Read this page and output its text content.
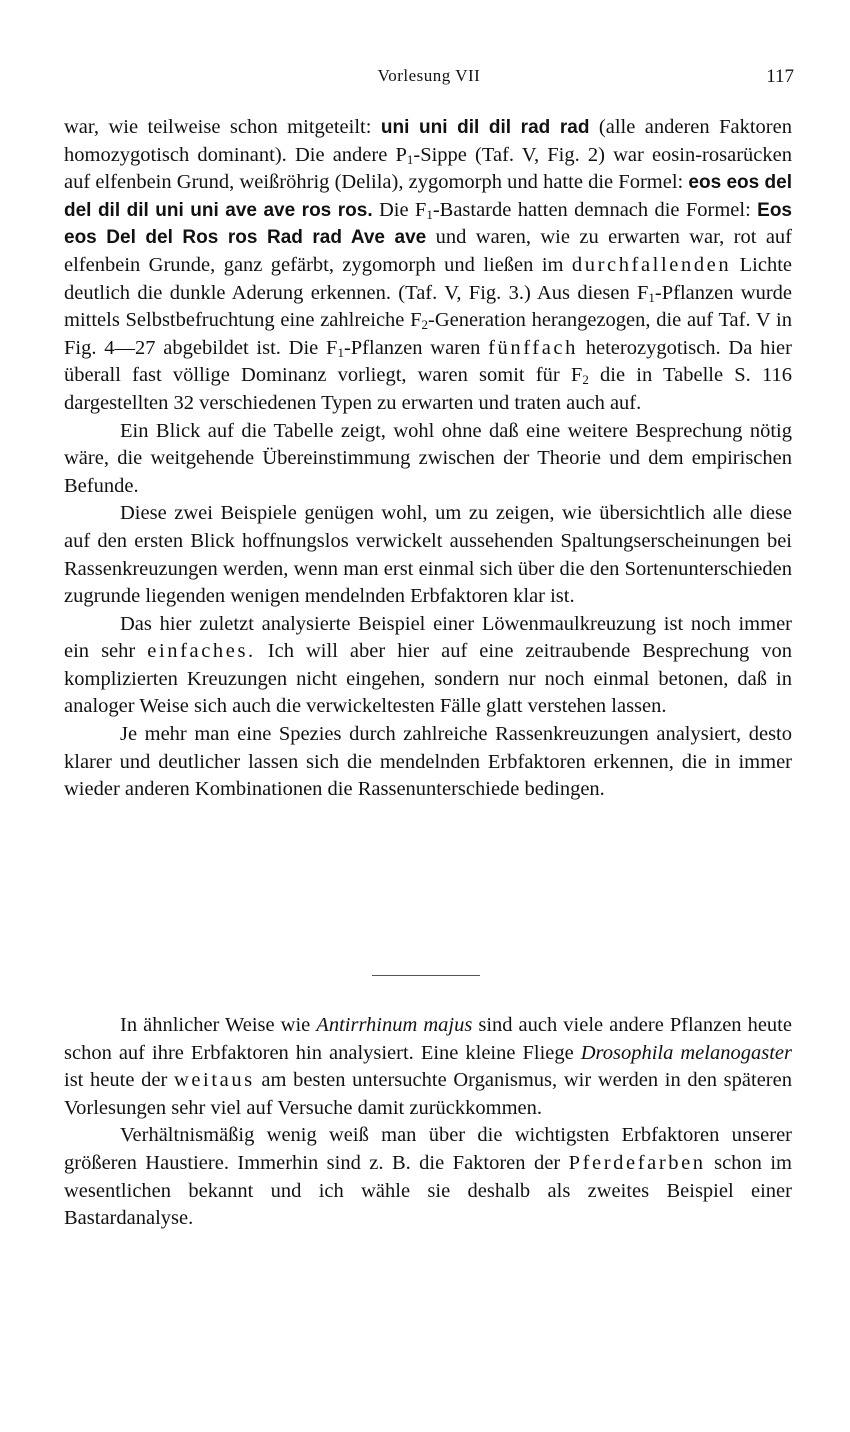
Vorlesung VII	117

war, wie teilweise schon mitgeteilt: uni uni dil dil rad rad (alle anderen Faktoren homozygotisch dominant). Die andere $P_1$-Sippe (Taf. V, Fig. 2) war eosin-rosarücken auf elfenbein Grund, weißröhrig (Delila), zygomorph und hatte die Formel: eos eos del del dil dil uni uni ave ave ros ros. Die $F_1$-Bastarde hatten demnach die Formel: Eos eos Del del Ros ros Rad rad Ave ave und waren, wie zu erwarten war, rot auf elfenbein Grunde, ganz gefärbt, zygomorph und ließen im durchfallenden Lichte deutlich die dunkle Aderung erkennen. (Taf. V, Fig. 3.) Aus diesen $F_1$-Pflanzen wurde mittels Selbstbefruchtung eine zahlreiche $F_2$-Generation herangezogen, die auf Taf. V in Fig. 4—27 abgebildet ist. Die $F_1$-Pflanzen waren fünffach heterozygotisch. Da hier überall fast völlige Dominanz vorliegt, waren somit für $F_2$ die in Tabelle S. 116 dargestellten 32 verschiedenen Typen zu erwarten und traten auch auf.

Ein Blick auf die Tabelle zeigt, wohl ohne daß eine weitere Besprechung nötig wäre, die weitgehende Übereinstimmung zwischen der Theorie und dem empirischen Befunde.

Diese zwei Beispiele genügen wohl, um zu zeigen, wie übersichtlich alle diese auf den ersten Blick hoffnungslos verwickelt aussehenden Spaltungserscheinungen bei Rassenkreuzungen werden, wenn man erst einmal sich über die den Sortenunterschieden zugrunde liegenden wenigen mendelnden Erbfaktoren klar ist.

Das hier zuletzt analysierte Beispiel einer Löwenmaulkreuzung ist noch immer ein sehr einfaches. Ich will aber hier auf eine zeitraubende Besprechung von komplizierten Kreuzungen nicht eingehen, sondern nur noch einmal betonen, daß in analoger Weise sich auch die verwickeltesten Fälle glatt verstehen lassen.

Je mehr man eine Spezies durch zahlreiche Rassenkreuzungen analysiert, desto klarer und deutlicher lassen sich die mendelnden Erbfaktoren erkennen, die in immer wieder anderen Kombinationen die Rassenunterschiede bedingen.

In ähnlicher Weise wie Antirrhinum majus sind auch viele andere Pflanzen heute schon auf ihre Erbfaktoren hin analysiert. Eine kleine Fliege Drosophila melanogaster ist heute der weitaus am besten untersuchte Organismus, wir werden in den späteren Vorlesungen sehr viel auf Versuche damit zurückkommen.

Verhältnismäßig wenig weiß man über die wichtigsten Erbfaktoren unserer größeren Haustiere. Immerhin sind z. B. die Faktoren der Pferdefarben schon im wesentlichen bekannt und ich wähle sie deshalb als zweites Beispiel einer Bastardanalyse.
